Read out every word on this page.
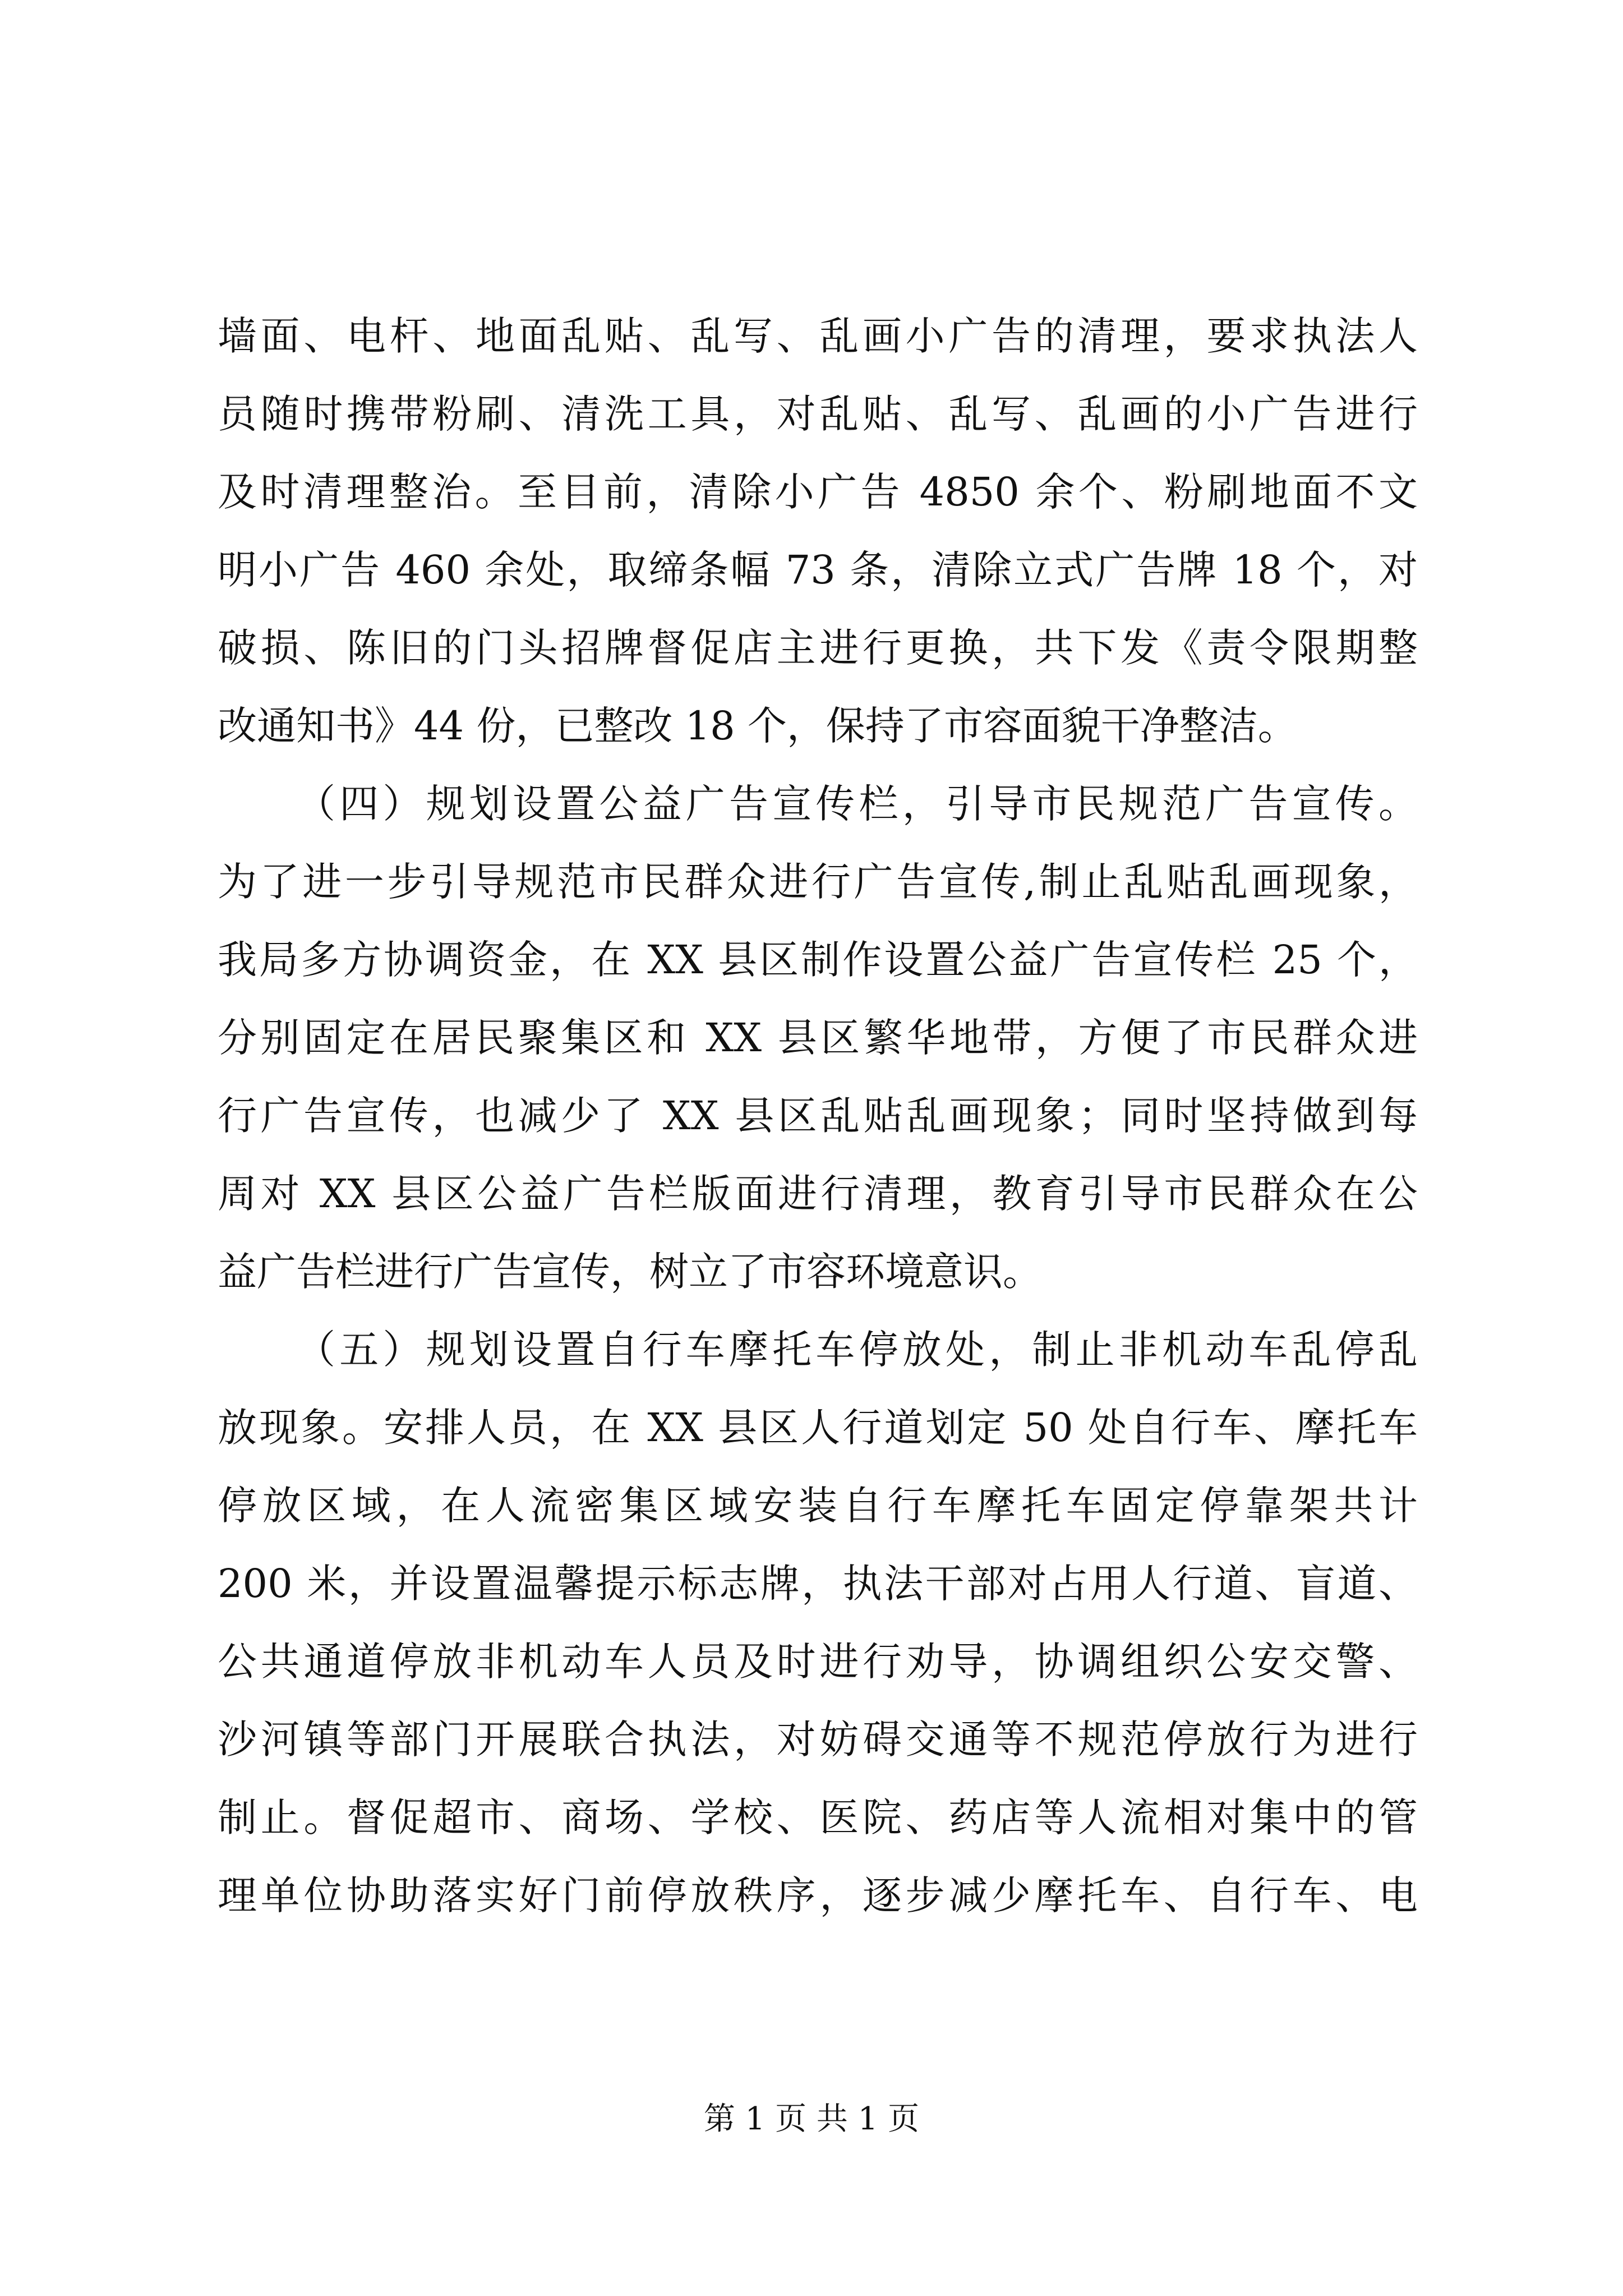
墙面、电杆、地面乱贴、乱写、乱画小广告的清理，要求执法人
员随时携带粉刷、清洗工具，对乱贴、乱写、乱画的小广告进行
及时清理整治。至目前，清除小广告 4850 余个、粉刷地面不文
明小广告 460 余处，取缔条幅 73 条，清除立式广告牌 18 个，对
破损、陈旧的门头招牌督促店主进行更换，共下发《责令限期整
改通知书》44 份，已整改 18 个，保持了市容面貌干净整洁。
（四）规划设置公益广告宣传栏，引导市民规范广告宣传。
为了进一步引导规范市民群众进行广告宣传,制止乱贴乱画现象，
我局多方协调资金，在 XX 县区制作设置公益广告宣传栏 25 个，
分别固定在居民聚集区和 XX 县区繁华地带，方便了市民群众进
行广告宣传，也减少了 XX 县区乱贴乱画现象；同时坚持做到每
周对 XX 县区公益广告栏版面进行清理，教育引导市民群众在公
益广告栏进行广告宣传，树立了市容环境意识。
（五）规划设置自行车摩托车停放处，制止非机动车乱停乱
放现象。安排人员，在 XX 县区人行道划定 50 处自行车、摩托车
停放区域，在人流密集区域安装自行车摩托车固定停靠架共计
200 米，并设置温馨提示标志牌，执法干部对占用人行道、盲道、
公共通道停放非机动车人员及时进行劝导，协调组织公安交警、
沙河镇等部门开展联合执法，对妨碍交通等不规范停放行为进行
制止。督促超市、商场、学校、医院、药店等人流相对集中的管
理单位协助落实好门前停放秩序，逐步减少摩托车、自行车、电
第 1 页 共 1 页
